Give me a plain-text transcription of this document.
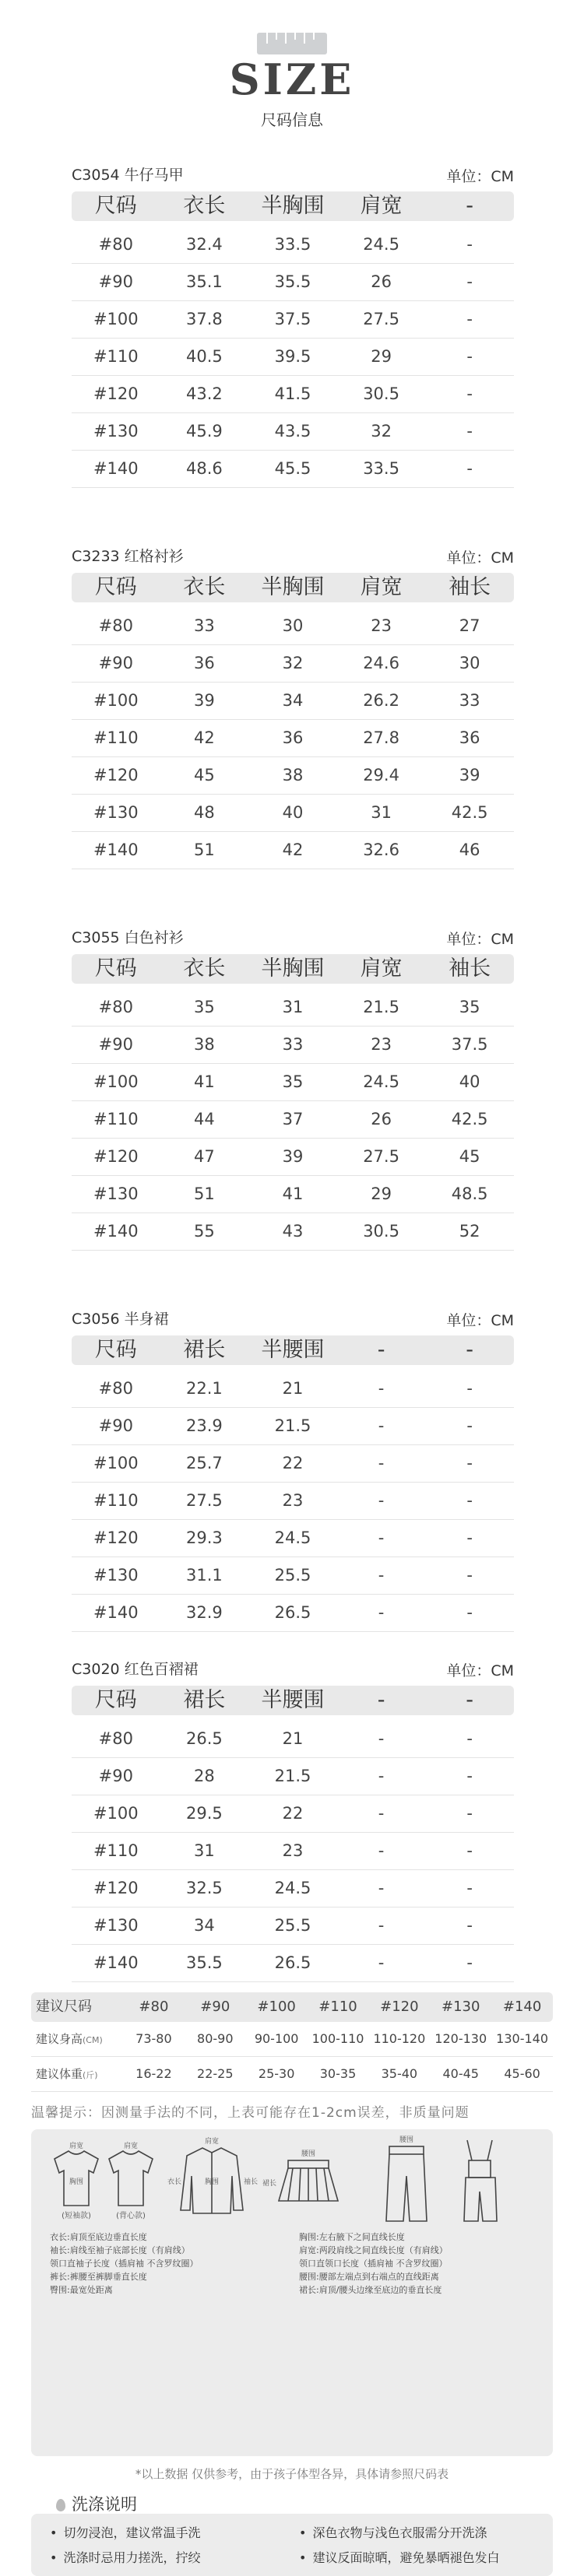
SIZE
尺码信息
C3054 牛仔马甲	单位：CM
尺码	衣长	半胸围	肩宽	-
#80	32.4	33.5	24.5	-
#90	35.1	35.5	26	-
#100	37.8	37.5	27.5	-
#110	40.5	39.5	29	-
#120	43.2	41.5	30.5	-
#130	45.9	43.5	32	-
#140	48.6	45.5	33.5	-
C3233 红格衬衫	单位：CM
尺码	衣长	半胸围	肩宽	袖长
#80	33	30	23	27
#90	36	32	24.6	30
#100	39	34	26.2	33
#110	42	36	27.8	36
#120	45	38	29.4	39
#130	48	40	31	42.5
#140	51	42	32.6	46
C3055 白色衬衫	单位：CM
尺码	衣长	半胸围	肩宽	袖长
#80	35	31	21.5	35
#90	38	33	23	37.5
#100	41	35	24.5	40
#110	44	37	26	42.5
#120	47	39	27.5	45
#130	51	41	29	48.5
#140	55	43	30.5	52
C3056 半身裙	单位：CM
尺码	裙长	半腰围	-	-
#80	22.1	21	-	-
#90	23.9	21.5	-	-
#100	25.7	22	-	-
#110	27.5	23	-	-
#120	29.3	24.5	-	-
#130	31.1	25.5	-	-
#140	32.9	26.5	-	-
C3020 红色百褶裙	单位：CM
尺码	裙长	半腰围	-	-
#80	26.5	21	-	-
#90	28	21.5	-	-
#100	29.5	22	-	-
#110	31	23	-	-
#120	32.5	24.5	-	-
#130	34	25.5	-	-
#140	35.5	26.5	-	-
建议尺码	#80	#90	#100	#110	#120	#130	#140
建议身高(CM)	73-80	80-90	90-100	100-110 110-120 120-130 130-140
建议体重(斤)	16-22	22-25	25-30	30-35	35-40	40-45	45-60
温馨提示：因测量手法的不同，上表可能存在1-2cm误差，非质量问题
肩宽
胸围
(短袖款)
肩宽
(背心款)
肩宽
胸围
衣长	袖长
腰围
裙长
腰围
衣长:肩顶至底边垂直长度
袖长:肩线至袖子底部长度（有肩线）
领口直袖子长度（插肩袖 不含罗纹圈）
裤长:裤腰至裤脚垂直长度
臀围:最宽处距离
胸围:左右腋下之间直线长度
肩宽:两段肩线之间直线长度（有肩线）
领口直领口长度（插肩袖 不含罗纹圈）
腰围:腰部左端点到右端点的直线距离
裙长:肩顶/腰头边缘至底边的垂直长度
*以上数据 仅供参考，由于孩子体型各异，具体请参照尺码表
洗涤说明
• 切勿浸泡，建议常温手洗	• 深色衣物与浅色衣服需分开洗涤
• 洗涤时忌用力搓洗，拧绞	• 建议反面晾晒，避免暴晒褪色发白
